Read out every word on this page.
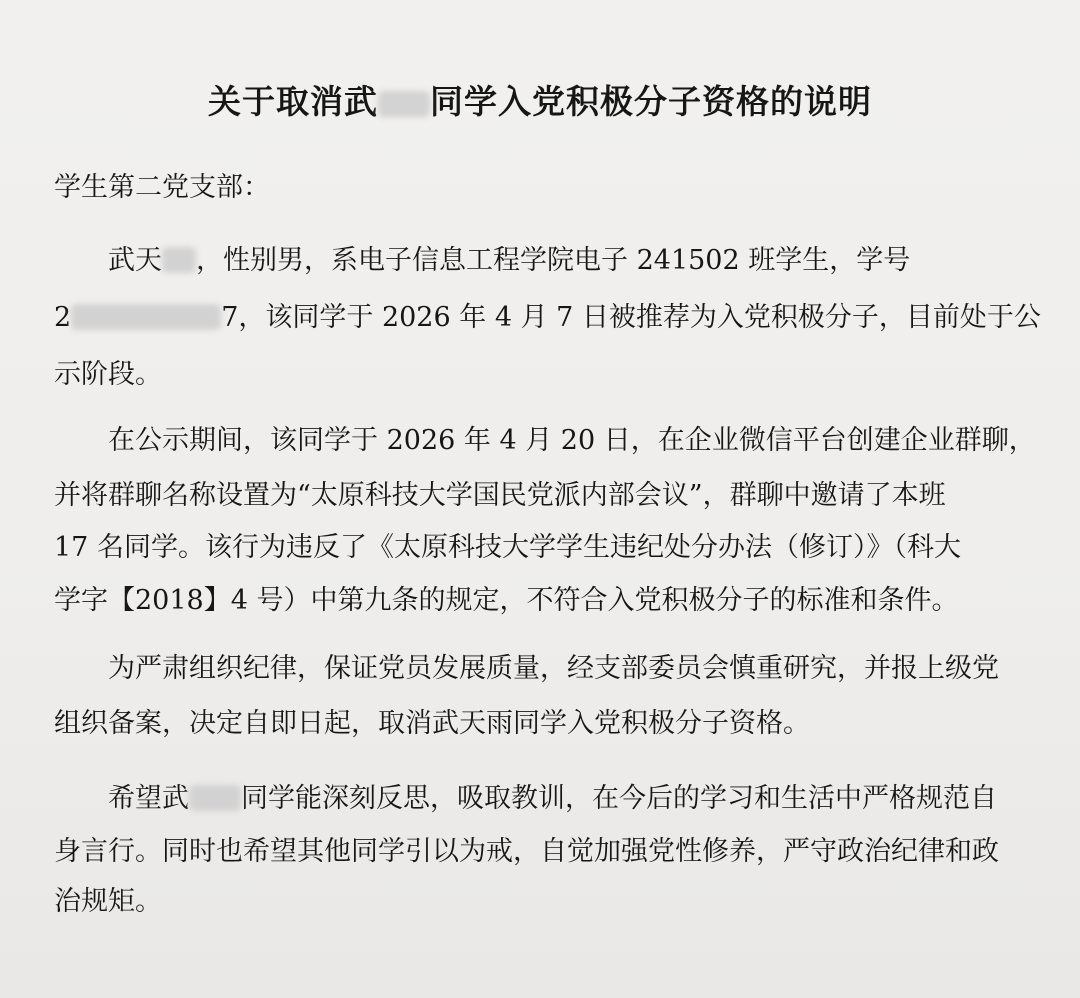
关于取消武 同学入党积极分子资格的说明
学生第二党支部：
武天 ，性别男，系电子信息工程学院电子 241502 班学生，学号
2	7，该同学于 2026 年 4 月 7 日被推荐为入党积极分子，目前处于公
示阶段。
在公示期间，该同学于 2026 年 4 月 20 日，在企业微信平台创建企业群聊，
并将群聊名称设置为“太原科技大学国民党派内部会议”，群聊中邀请了本班
17 名同学。该行为违反了《太原科技大学学生违纪处分办法（修订）》（科大
学字【2018】4 号）中第九条的规定，不符合入党积极分子的标准和条件。
为严肃组织纪律，保证党员发展质量，经支部委员会慎重研究，并报上级党
组织备案，决定自即日起，取消武天雨同学入党积极分子资格。
希望武 同学能深刻反思，吸取教训，在今后的学习和生活中严格规范自
身言行。同时也希望其他同学引以为戒，自觉加强党性修养，严守政治纪律和政
治规矩。
